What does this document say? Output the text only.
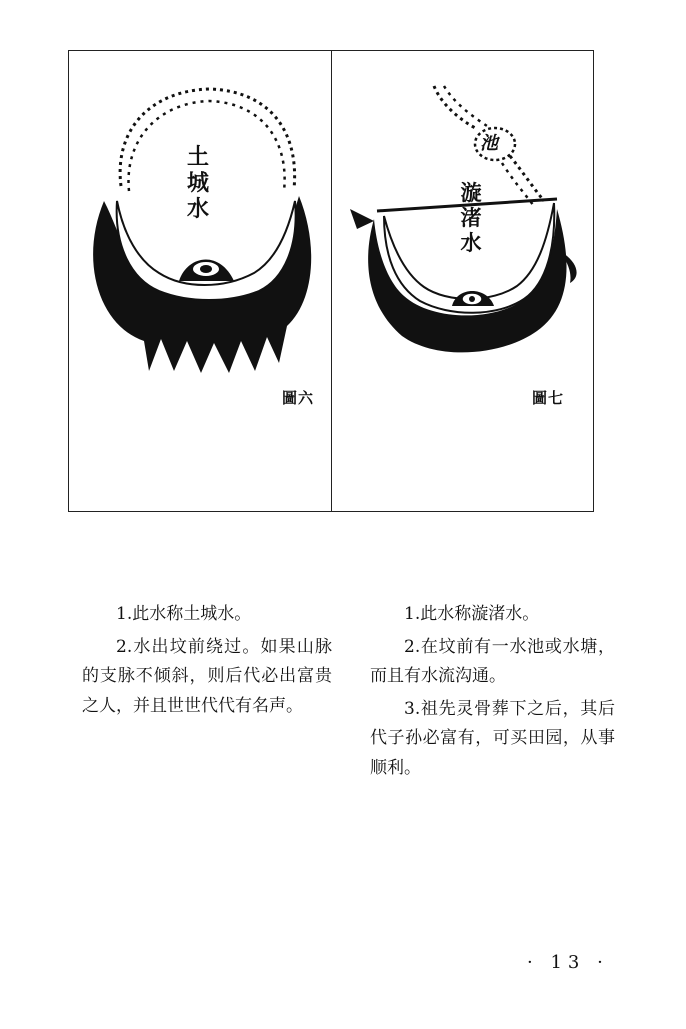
土城水
圖六
池
漩渚水
圖七

1.此水称土城水。

2.水出坟前绕过。如果山脉的支脉不倾斜，则后代必出富贵之人，并且世世代代有名声。

1.此水称漩渚水。

2.在坟前有一水池或水塘，而且有水流沟通。

3.祖先灵骨葬下之后，其后代子孙必富有，可买田园，从事顺利。

· 13 ·
